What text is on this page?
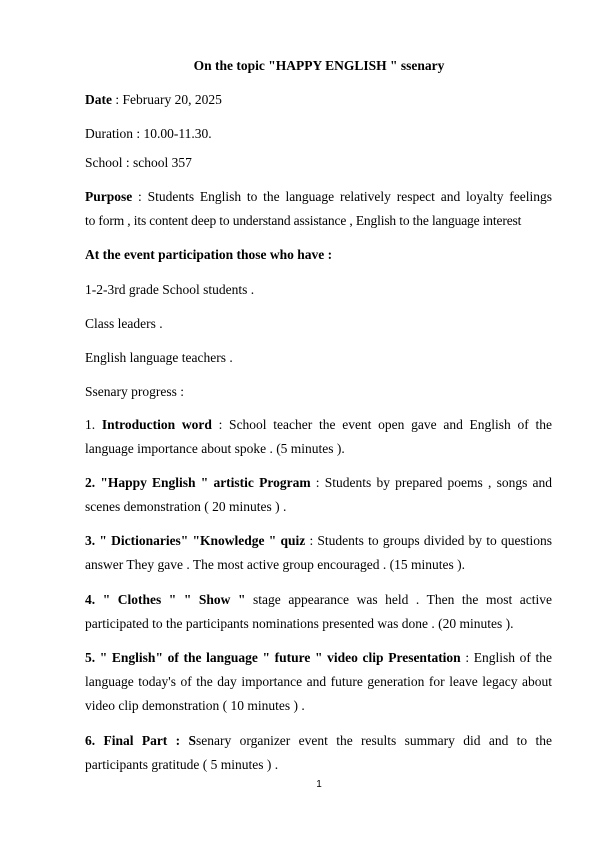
On the topic "HAPPY ENGLISH " ssenary
Date : February 20, 2025
Duration : 10.00-11.30.
School : school 357
Purpose : Students English to the language relatively respect and loyalty feelings
to form , its content deep to understand assistance , English to the language interest
At the event participation those who have :
1-2-3rd grade School students .
Class leaders .
English language teachers .
Ssenary progress :
1. Introduction word : School teacher the event open gave and English of the language importance about spoke . (5 minutes ).
2. "Happy English " artistic Program : Students by prepared poems , songs and scenes demonstration ( 20 minutes ) .
3. " Dictionaries" "Knowledge " quiz : Students to groups divided by to questions answer They gave . The most active group encouraged . (15 minutes ).
4. " Clothes " " Show " stage appearance was held . Then the most active participated to the participants nominations presented was done . (20 minutes ).
5. " English" of the language " future " video clip Presentation : English of the language today's of the day importance and future generation for leave legacy about video clip demonstration ( 10 minutes ) .
6. Final Part : Ssenary organizer event the results summary did and to the participants gratitude ( 5 minutes ) .
1
